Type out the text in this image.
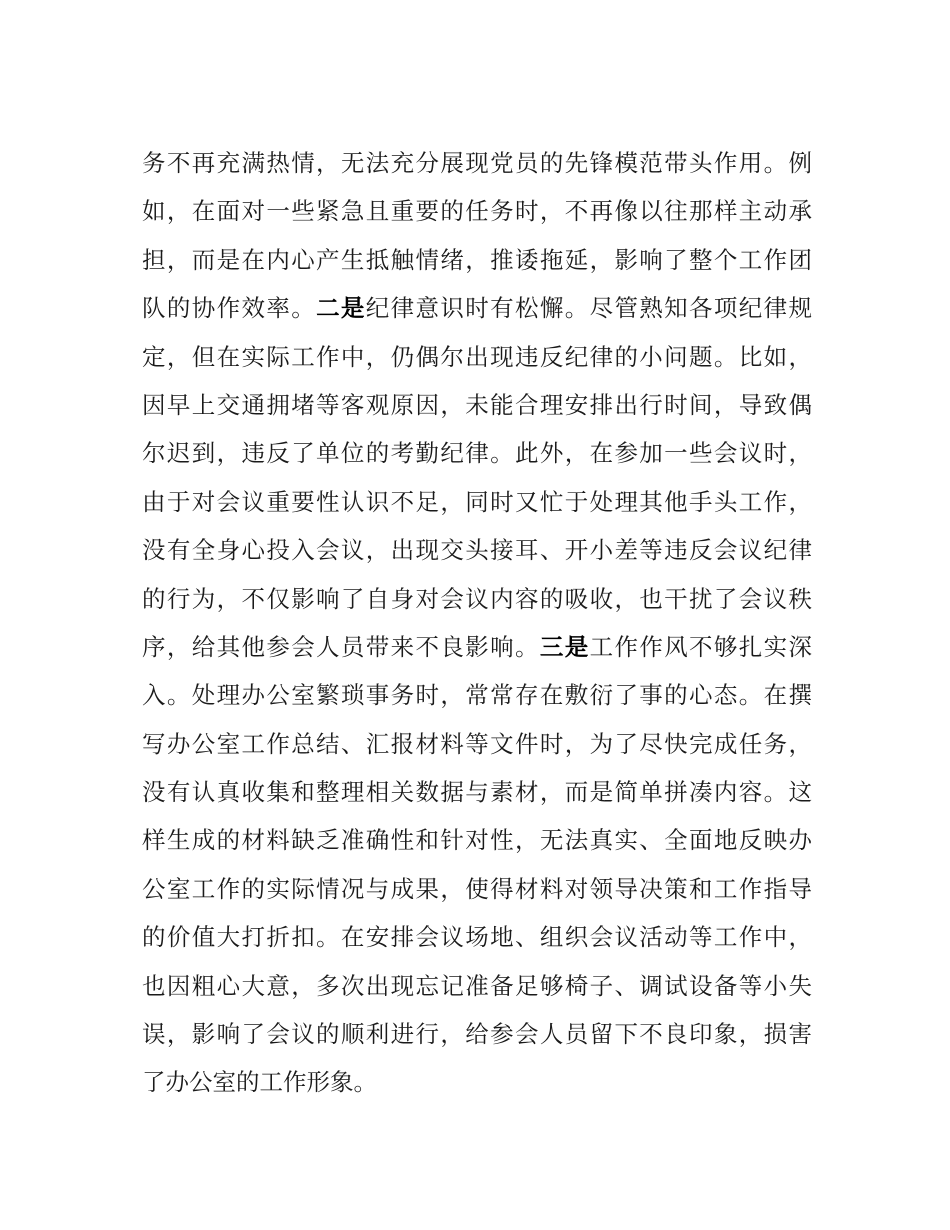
务不再充满热情，无法充分展现党员的先锋模范带头作用。例
如，在面对一些紧急且重要的任务时，不再像以往那样主动承
担，而是在内心产生抵触情绪，推诿拖延，影响了整个工作团
队的协作效率。二是纪律意识时有松懈。尽管熟知各项纪律规
定，但在实际工作中，仍偶尔出现违反纪律的小问题。比如，
因早上交通拥堵等客观原因，未能合理安排出行时间，导致偶
尔迟到，违反了单位的考勤纪律。此外，在参加一些会议时，
由于对会议重要性认识不足，同时又忙于处理其他手头工作，
没有全身心投入会议，出现交头接耳、开小差等违反会议纪律
的行为，不仅影响了自身对会议内容的吸收，也干扰了会议秩
序，给其他参会人员带来不良影响。三是工作作风不够扎实深
入。处理办公室繁琐事务时，常常存在敷衍了事的心态。在撰
写办公室工作总结、汇报材料等文件时，为了尽快完成任务，
没有认真收集和整理相关数据与素材，而是简单拼凑内容。这
样生成的材料缺乏准确性和针对性，无法真实、全面地反映办
公室工作的实际情况与成果，使得材料对领导决策和工作指导
的价值大打折扣。在安排会议场地、组织会议活动等工作中，
也因粗心大意，多次出现忘记准备足够椅子、调试设备等小失
误，影响了会议的顺利进行，给参会人员留下不良印象，损害
了办公室的工作形象。
